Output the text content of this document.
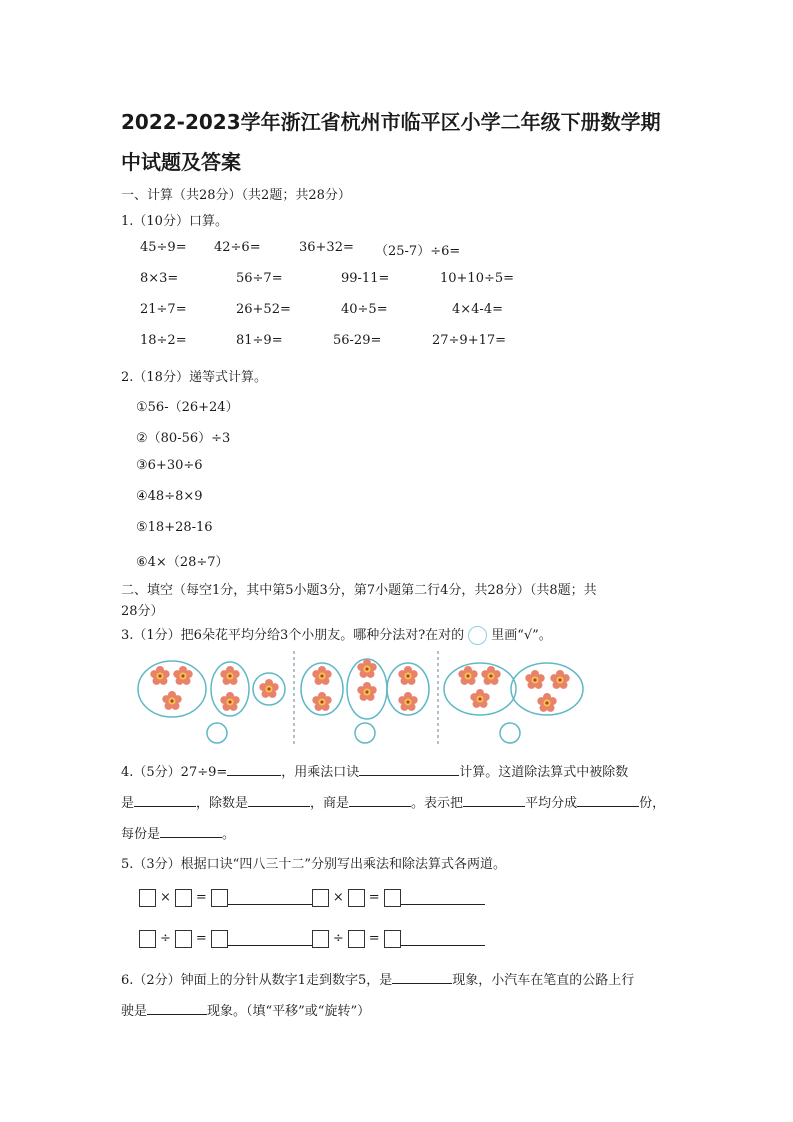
2022-2023学年浙江省杭州市临平区小学二年级下册数学期
中试题及答案
一、计算（共28分）（共2题；共28分）
1.（10分）口算。
45÷9= 42÷6=	36+32= （25-7）÷6=
8×3=	56÷7=	99-11=	10+10÷5=
21÷7=	26+52=	40÷5=	4×4-4=
18÷2=	81÷9=	56-29=	27÷9+17=
2.（18分）递等式计算。
①56-（26+24）
②（80-56）÷3
③6+30÷6
④48÷8×9
⑤18+28-16
⑥4×（28÷7）
二、填空（每空1分，其中第5小题3分，第7小题第二行4分，共28分）（共8题；共
28分）
3.（1分）把6朵花平均分给3个小朋友。哪种分法对?在对的 里画“√”。
4.（5分）27÷9=	，用乘法口诀	计算。这道除法算式中被除数
是	，除数是	，商是	。表示把	平均分成	份，
每份是	。
5.（3分）根据口诀“四八三十二”分别写出乘法和除法算式各两道。
× =	× =
÷ =	÷ =
6.（2分）钟面上的分针从数字1走到数字5，是	现象，小汽车在笔直的公路上行
驶是	现象。（填“平移”或“旋转”）
